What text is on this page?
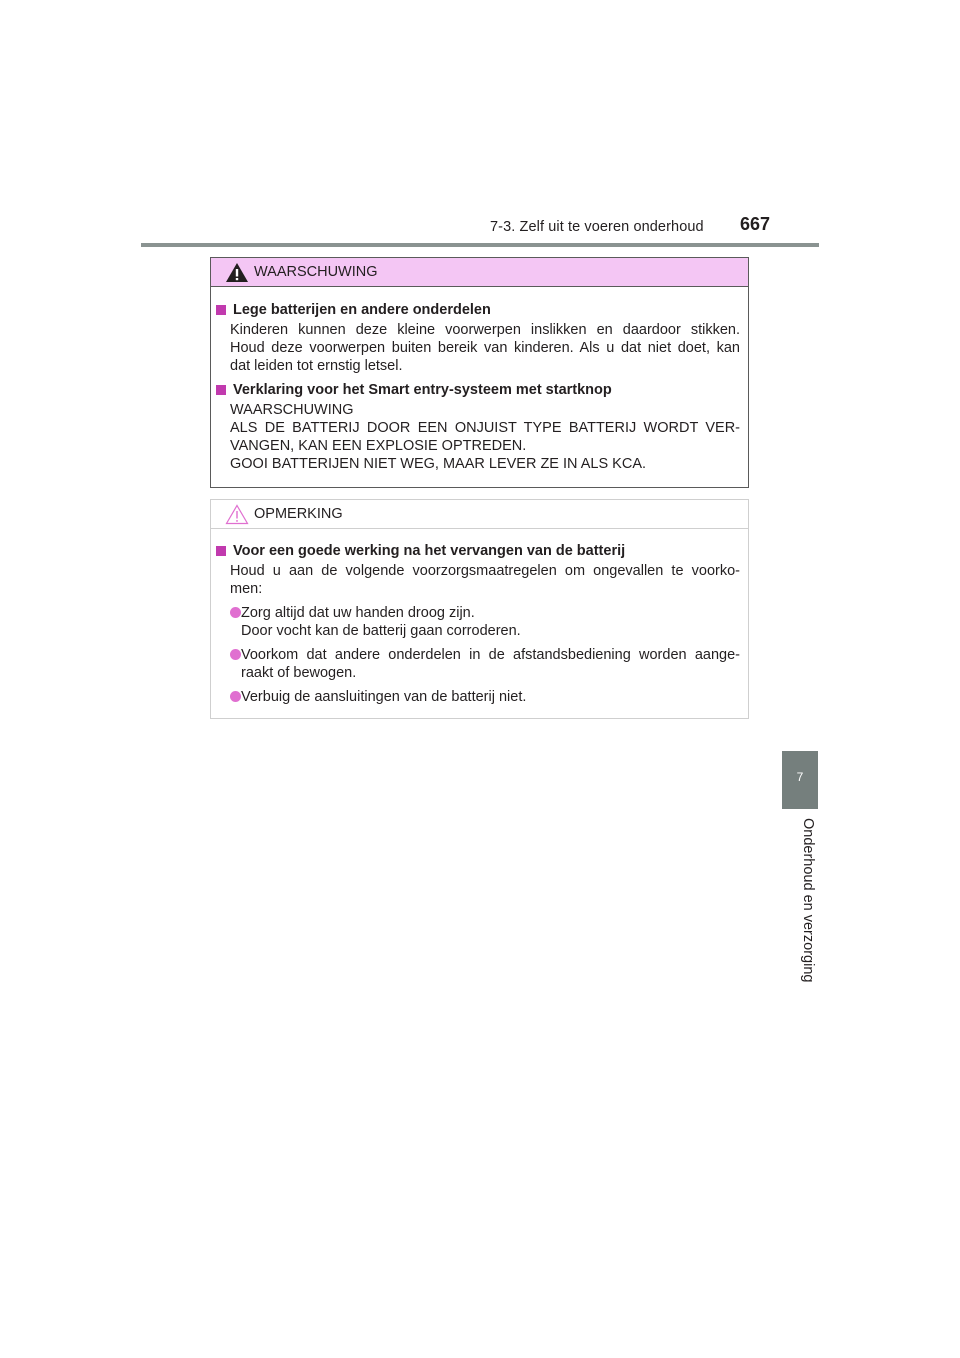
7-3. Zelf uit te voeren onderhoud 667
7
Onderhoud en verzorging
WAARSCHUWING
Lege batterijen en andere onderdelen
Kinderen kunnen deze kleine voorwerpen inslikken en daardoor stikken.
Houd deze voorwerpen buiten bereik van kinderen. Als u dat niet doet, kan
dat leiden tot ernstig letsel.
Verklaring voor het Smart entry-systeem met startknop
WAARSCHUWING
ALS DE BATTERIJ DOOR EEN ONJUIST TYPE BATTERIJ WORDT VER-
VANGEN, KAN EEN EXPLOSIE OPTREDEN.
GOOI BATTERIJEN NIET WEG, MAAR LEVER ZE IN ALS KCA.
OPMERKING
Voor een goede werking na het vervangen van de batterij
Houd u aan de volgende voorzorgsmaatregelen om ongevallen te voorko-
men:
Zorg altijd dat uw handen droog zijn.
Door vocht kan de batterij gaan corroderen.
Voorkom dat andere onderdelen in de afstandsbediening worden aange-
raakt of bewogen.
Verbuig de aansluitingen van de batterij niet.
